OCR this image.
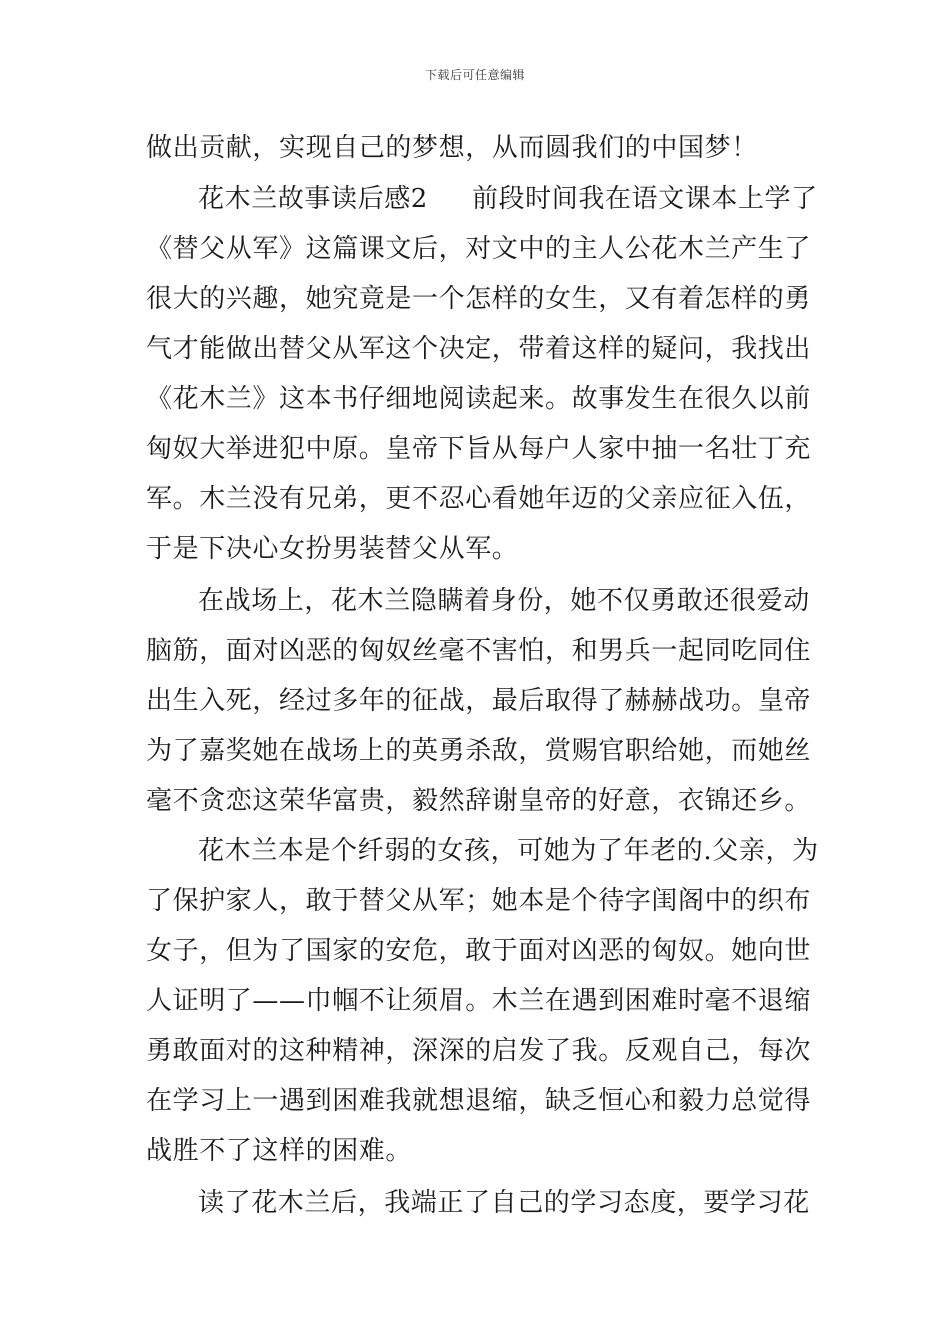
下载后可任意编辑
做出贡献，实现自己的梦想，从而圆我们的中国梦！
花木兰故事读后感2 前段时间我在语文课本上学了
《替父从军》这篇课文后，对文中的主人公花木兰产生了
很大的兴趣，她究竟是一个怎样的女生，又有着怎样的勇
气才能做出替父从军这个决定，带着这样的疑问，我找出
《花木兰》这本书仔细地阅读起来。故事发生在很久以前
匈奴大举进犯中原。皇帝下旨从每户人家中抽一名壮丁充
军。木兰没有兄弟，更不忍心看她年迈的父亲应征入伍，
于是下决心女扮男装替父从军。
在战场上，花木兰隐瞒着身份，她不仅勇敢还很爱动
脑筋，面对凶恶的匈奴丝毫不害怕，和男兵一起同吃同住
出生入死，经过多年的征战，最后取得了赫赫战功。皇帝
为了嘉奖她在战场上的英勇杀敌，赏赐官职给她，而她丝
毫不贪恋这荣华富贵，毅然辞谢皇帝的好意，衣锦还乡。
花木兰本是个纤弱的女孩，可她为了年老的.父亲，为
了保护家人，敢于替父从军；她本是个待字闺阁中的织布
女子，但为了国家的安危，敢于面对凶恶的匈奴。她向世
人证明了——巾帼不让须眉。木兰在遇到困难时毫不退缩
勇敢面对的这种精神，深深的启发了我。反观自己，每次
在学习上一遇到困难我就想退缩，缺乏恒心和毅力总觉得
战胜不了这样的困难。
读了花木兰后，我端正了自己的学习态度，要学习花
